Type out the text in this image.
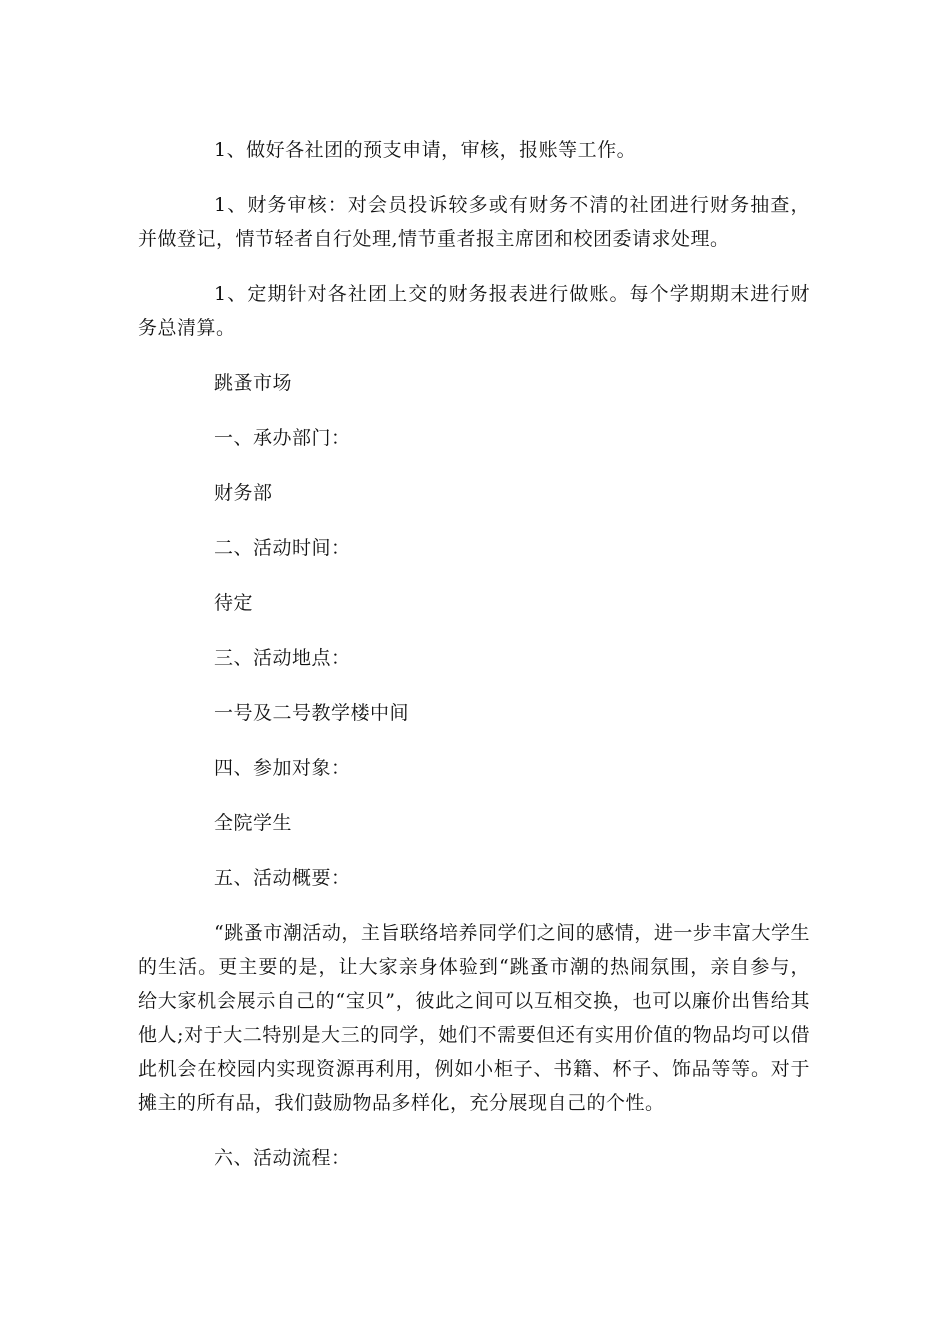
1、做好各社团的预支申请，审核，报账等工作。

1、财务审核：对会员投诉较多或有财务不清的社团进行财务抽查，并做登记，情节轻者自行处理,情节重者报主席团和校团委请求处理。

1、定期针对各社团上交的财务报表进行做账。每个学期期末进行财务总清算。

跳蚤市场

一、承办部门：

财务部

二、活动时间：

待定

三、活动地点：

一号及二号教学楼中间

四、参加对象：

全院学生

五、活动概要：

“跳蚤市潮活动，主旨联络培养同学们之间的感情，进一步丰富大学生的生活。更主要的是，让大家亲身体验到“跳蚤市潮的热闹氛围，亲自参与，给大家机会展示自己的“宝贝”，彼此之间可以互相交换，也可以廉价出售给其他人;对于大二特别是大三的同学，她们不需要但还有实用价值的物品均可以借此机会在校园内实现资源再利用，例如小柜子、书籍、杯子、饰品等等。对于摊主的所有品，我们鼓励物品多样化，充分展现自己的个性。

六、活动流程：
